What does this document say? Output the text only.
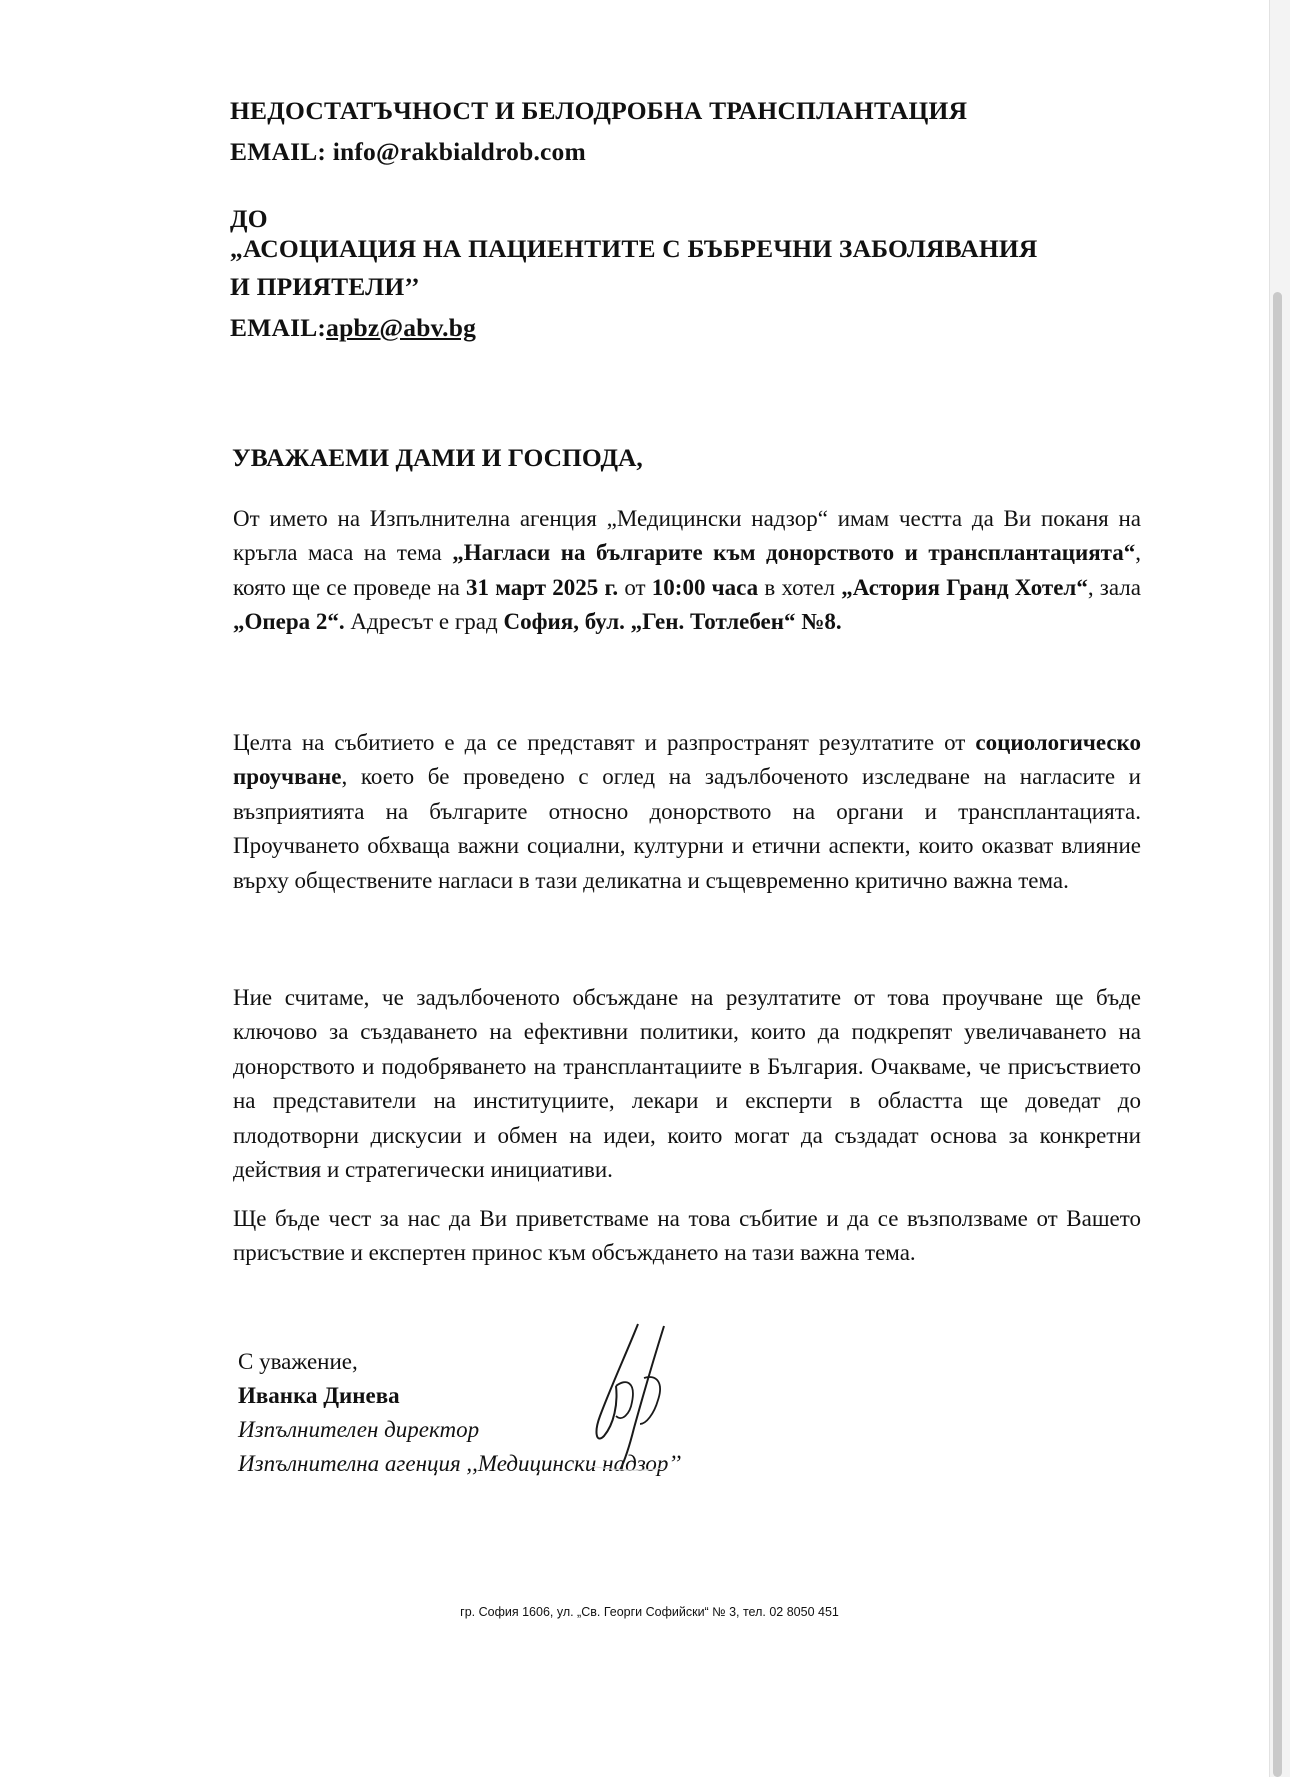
НЕДОСТАТЪЧНОСТ И БЕЛОДРОБНА ТРАНСПЛАНТАЦИЯ
EMAIL: info@rakbialdrob.com
ДО
„АСОЦИАЦИЯ НА ПАЦИЕНТИТЕ С БЪБРЕЧНИ ЗАБОЛЯВАНИЯ
И ПРИЯТЕЛИ’’
EMAIL:apbz@abv.bg
УВАЖАЕМИ ДАМИ И ГОСПОДА,
От името на Изпълнителна агенция „Медицински надзор“ имам честта да Ви поканя на кръгла маса на тема „Нагласи на българите към донорството и трансплантацията“, която ще се проведе на 31 март 2025 г. от 10:00 часа в хотел „Астория Гранд Хотел“, зала „Опера 2“. Адресът е град София, бул. „Ген. Тотлебен“ №8.
Целта на събитието е да се представят и разпространят резултатите от социологическо проучване, което бе проведено с оглед на задълбоченото изследване на нагласите и възприятията на българите относно донорството на органи и трансплантацията. Проучването обхваща важни социални, културни и етични аспекти, които оказват влияние върху обществените нагласи в тази деликатна и същевременно критично важна тема.
Ние считаме, че задълбоченото обсъждане на резултатите от това проучване ще бъде ключово за създаването на ефективни политики, които да подкрепят увеличаването на донорството и подобряването на трансплантациите в България. Очакваме, че присъствието на представители на институциите, лекари и експерти в областта ще доведат до плодотворни дискусии и обмен на идеи, които могат да създадат основа за конкретни действия и стратегически инициативи.
Ще бъде чест за нас да Ви приветстваме на това събитие и да се възползваме от Вашето присъствие и експертен принос към обсъждането на тази важна тема.
С уважение,
Иванка Динева
Изпълнителен директор
Изпълнителна агенция ,,Медицински надзор’’
гр. София 1606, ул. „Св. Георги Софийски“ № 3, тел. 02 8050 451
